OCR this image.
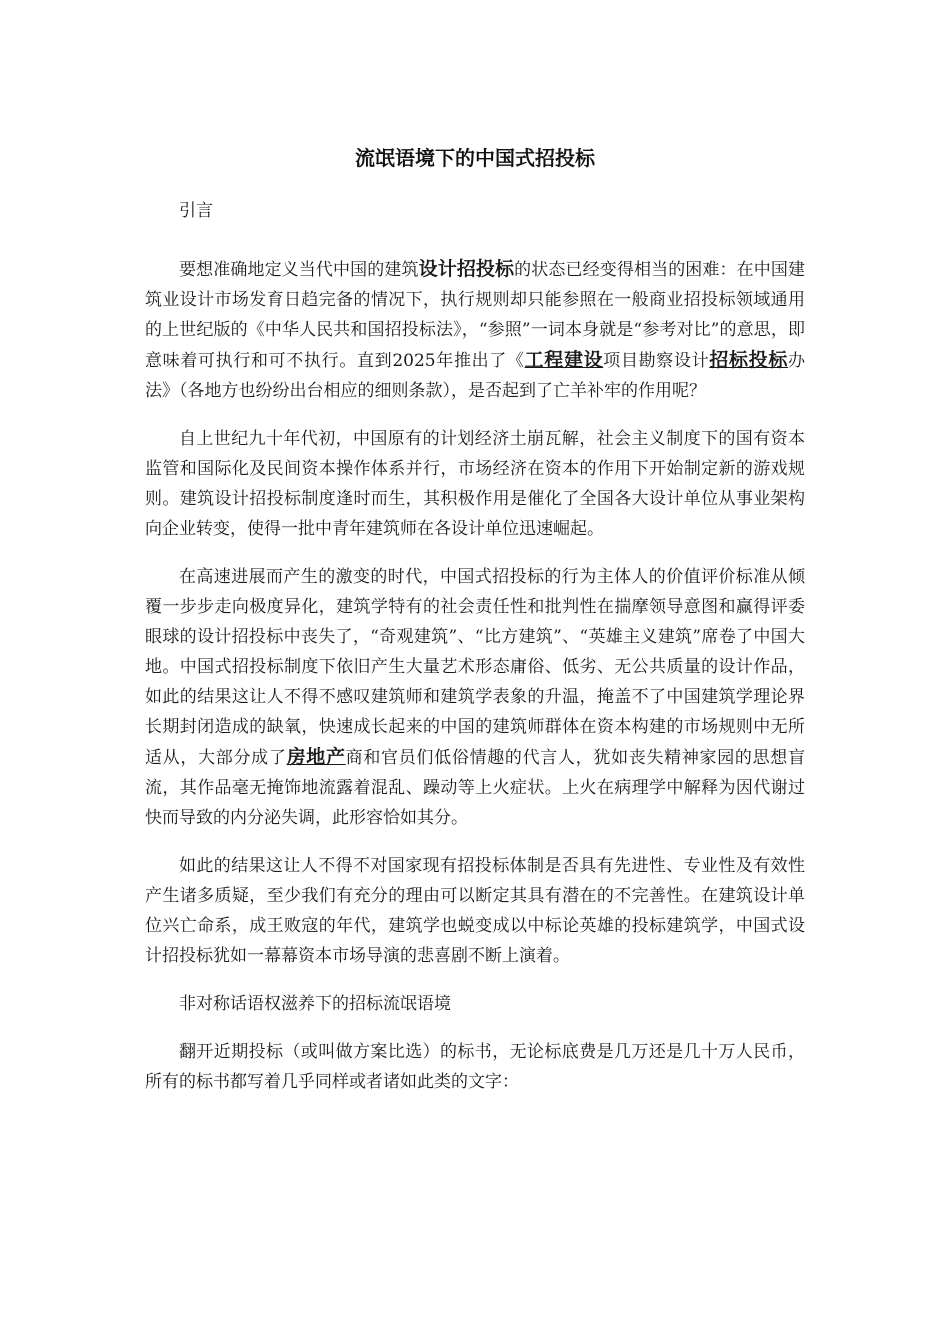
流氓语境下的中国式招投标

引言

要想准确地定义当代中国的建筑设计招投标的状态已经变得相当的困难：在中国建筑业设计市场发育日趋完备的情况下，执行规则却只能参照在一般商业招投标领域通用的上世纪版的《中华人民共和国招投标法》，“参照”一词本身就是“参考对比”的意思，即意味着可执行和可不执行。直到2025年推出了《工程建设项目勘察设计招标投标办法》（各地方也纷纷出台相应的细则条款），是否起到了亡羊补牢的作用呢？

自上世纪九十年代初，中国原有的计划经济土崩瓦解，社会主义制度下的国有资本监管和国际化及民间资本操作体系并行，市场经济在资本的作用下开始制定新的游戏规则。建筑设计招投标制度逢时而生，其积极作用是催化了全国各大设计单位从事业架构向企业转变，使得一批中青年建筑师在各设计单位迅速崛起。

在高速进展而产生的激变的时代，中国式招投标的行为主体人的价值评价标准从倾覆一步步走向极度异化，建筑学特有的社会责任性和批判性在揣摩领导意图和赢得评委眼球的设计招投标中丧失了，“奇观建筑”、“比方建筑”、“英雄主义建筑”席卷了中国大地。中国式招投标制度下依旧产生大量艺术形态庸俗、低劣、无公共质量的设计作品，如此的结果这让人不得不感叹建筑师和建筑学表象的升温，掩盖不了中国建筑学理论界长期封闭造成的缺氧，快速成长起来的中国的建筑师群体在资本构建的市场规则中无所适从，大部分成了房地产商和官员们低俗情趣的代言人，犹如丧失精神家园的思想盲流，其作品毫无掩饰地流露着混乱、躁动等上火症状。上火在病理学中解释为因代谢过快而导致的内分泌失调，此形容恰如其分。

如此的结果这让人不得不对国家现有招投标体制是否具有先进性、专业性及有效性产生诸多质疑，至少我们有充分的理由可以断定其具有潜在的不完善性。在建筑设计单位兴亡命系，成王败寇的年代，建筑学也蜕变成以中标论英雄的投标建筑学，中国式设计招投标犹如一幕幕资本市场导演的悲喜剧不断上演着。

非对称话语权滋养下的招标流氓语境

翻开近期投标（或叫做方案比选）的标书，无论标底费是几万还是几十万人民币，所有的标书都写着几乎同样或者诸如此类的文字：
